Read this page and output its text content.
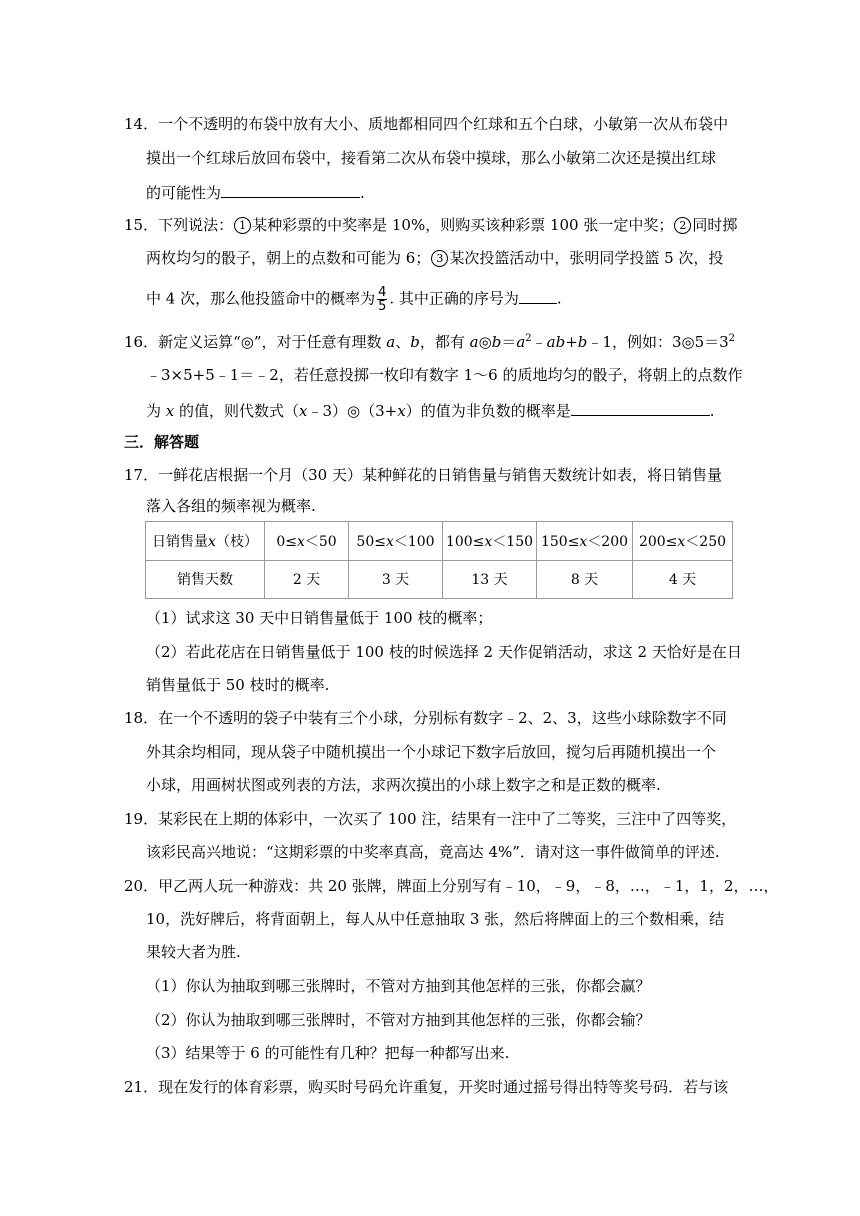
14．一个不透明的布袋中放有大小、质地都相同四个红球和五个白球，小敏第一次从布袋中
摸出一个红球后放回布袋中，接看第二次从布袋中摸球，那么小敏第二次还是摸出红球
的可能性为	.
15．下列说法： 1 某种彩票的中奖率是 10%，则购买该种彩票 100 张一定中奖； 2 同时掷
两枚均匀的骰子，朝上的点数和可能为 6； 3 某次投篮活动中，张明同学投篮 5 次，投
中 4 次，那么他投篮命中的概率为 $\frac{4}{5}$ . 其中正确的序号为	.
16．新定义运算“◎”，对于任意有理数 a、b，都有 $a◎b=a^2﹣ab+b﹣1$，例如：$3◎5=3^2$
﹣3×5+5﹣1＝﹣2，若任意投掷一枚印有数字 1～6 的质地均匀的骰子，将朝上的点数作
为 x 的值，则代数式（x﹣3）◎（3+x）的值为非负数的概率是	.
三．解答题
17．一鲜花店根据一个月（30 天）某种鲜花的日销售量与销售天数统计如表，将日销售量
落入各组的频率视为概率.
日销售量x（枝）	0≤x＜50	50≤x＜100	100≤x＜150	150≤x＜200	200≤x＜250
销售天数	2 天	3 天	13 天	8 天	4 天
（1）试求这 30 天中日销售量低于 100 枝的概率；
（2）若此花店在日销售量低于 100 枝的时候选择 2 天作促销活动，求这 2 天恰好是在日
销售量低于 50 枝时的概率.
18．在一个不透明的袋子中装有三个小球，分别标有数字﹣2、2、3，这些小球除数字不同
外其余均相同，现从袋子中随机摸出一个小球记下数字后放回，搅匀后再随机摸出一个
小球，用画树状图或列表的方法，求两次摸出的小球上数字之和是正数的概率.
19．某彩民在上期的体彩中，一次买了 100 注，结果有一注中了二等奖，三注中了四等奖，
该彩民高兴地说：“这期彩票的中奖率真高，竟高达 4%”．请对这一事件做简单的评述.
20．甲乙两人玩一种游戏：共 20 张牌，牌面上分别写有﹣10，﹣9，﹣8，…，﹣1，1，2，…，
10，洗好牌后，将背面朝上，每人从中任意抽取 3 张，然后将牌面上的三个数相乘，结
果较大者为胜.
（1）你认为抽取到哪三张牌时，不管对方抽到其他怎样的三张，你都会赢？
（2）你认为抽取到哪三张牌时，不管对方抽到其他怎样的三张，你都会输？
（3）结果等于 6 的可能性有几种？把每一种都写出来.
21．现在发行的体育彩票，购买时号码允许重复，开奖时通过摇号得出特等奖号码．若与该
